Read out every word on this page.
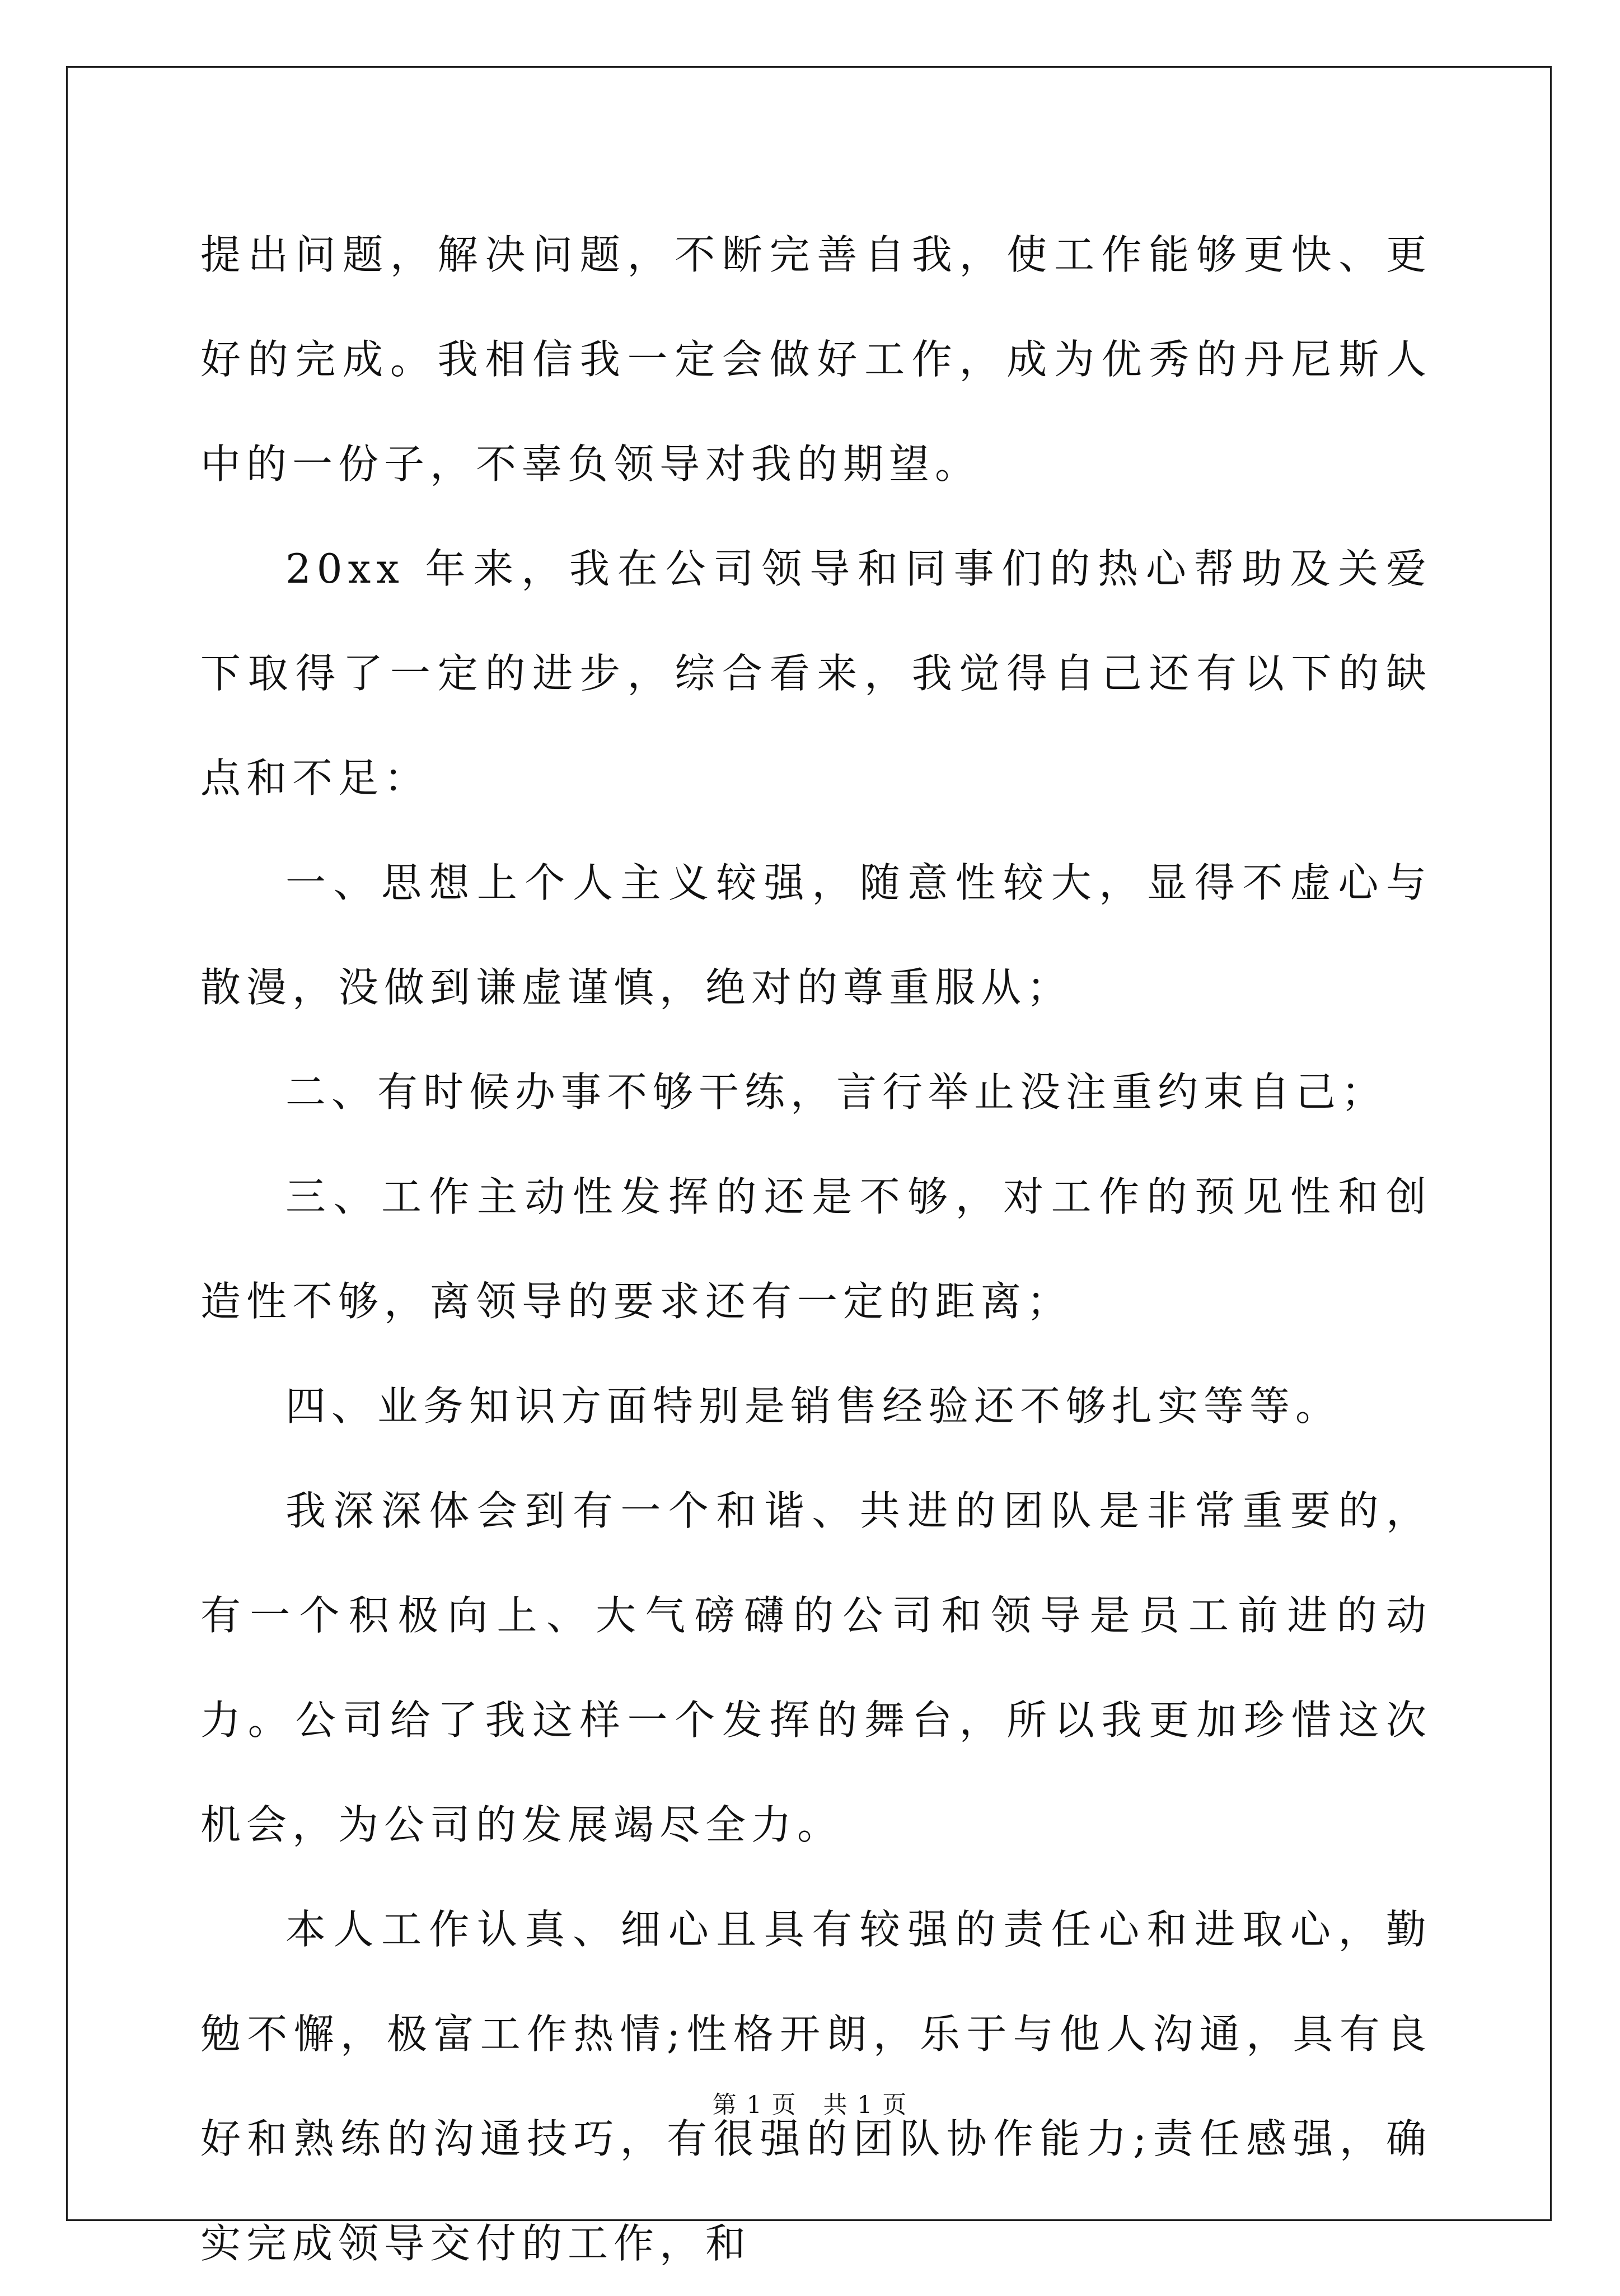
提出问题，解决问题，不断完善自我，使工作能够更快、更好的完成。我相信我一定会做好工作，成为优秀的丹尼斯人中的一份子，不辜负领导对我的期望。

20xx 年来，我在公司领导和同事们的热心帮助及关爱下取得了一定的进步，综合看来，我觉得自己还有以下的缺点和不足：

一、思想上个人主义较强，随意性较大，显得不虚心与散漫，没做到谦虚谨慎，绝对的尊重服从；

二、有时候办事不够干练，言行举止没注重约束自己；

三、工作主动性发挥的还是不够，对工作的预见性和创造性不够，离领导的要求还有一定的距离；

四、业务知识方面特别是销售经验还不够扎实等等。

我深深体会到有一个和谐、共进的团队是非常重要的，有一个积极向上、大气磅礴的公司和领导是员工前进的动力。公司给了我这样一个发挥的舞台，所以我更加珍惜这次机会，为公司的发展竭尽全力。

本人工作认真、细心且具有较强的责任心和进取心，勤勉不懈，极富工作热情;性格开朗，乐于与他人沟通，具有良好和熟练的沟通技巧，有很强的团队协作能力;责任感强，确实完成领导交付的工作，和

第 1 页   共 1 页
